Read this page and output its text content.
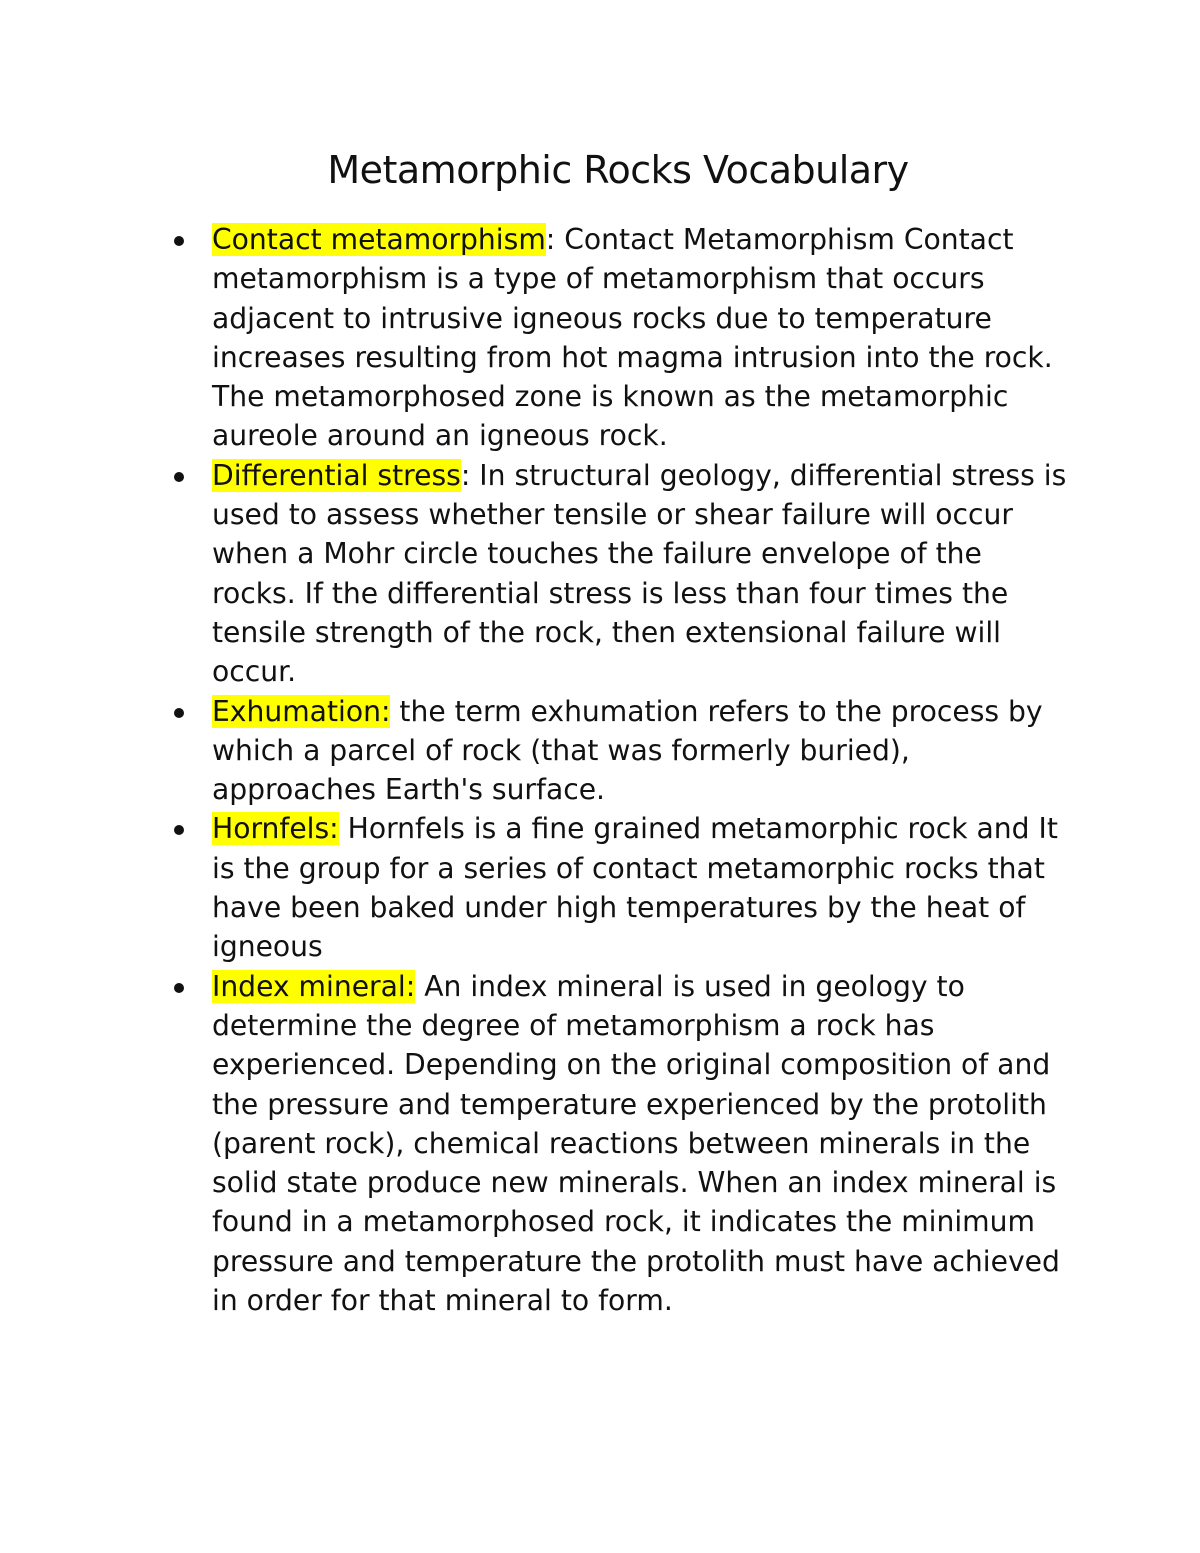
Metamorphic Rocks Vocabulary
Contact metamorphism: Contact Metamorphism Contact metamorphism is a type of metamorphism that occurs adjacent to intrusive igneous rocks due to temperature increases resulting from hot magma intrusion into the rock. The metamorphosed zone is known as the metamorphic aureole around an igneous rock.
Differential stress: In structural geology, differential stress is used to assess whether tensile or shear failure will occur when a Mohr circle touches the failure envelope of the rocks. If the differential stress is less than four times the tensile strength of the rock, then extensional failure will occur.
Exhumation: the term exhumation refers to the process by which a parcel of rock (that was formerly buried), approaches Earth's surface.
Hornfels: Hornfels is a fine grained metamorphic rock and It is the group for a series of contact metamorphic rocks that have been baked under high temperatures by the heat of igneous
Index mineral: An index mineral is used in geology to determine the degree of metamorphism a rock has experienced. Depending on the original composition of and the pressure and temperature experienced by the protolith (parent rock), chemical reactions between minerals in the solid state produce new minerals. When an index mineral is found in a metamorphosed rock, it indicates the minimum pressure and temperature the protolith must have achieved in order for that mineral to form.
